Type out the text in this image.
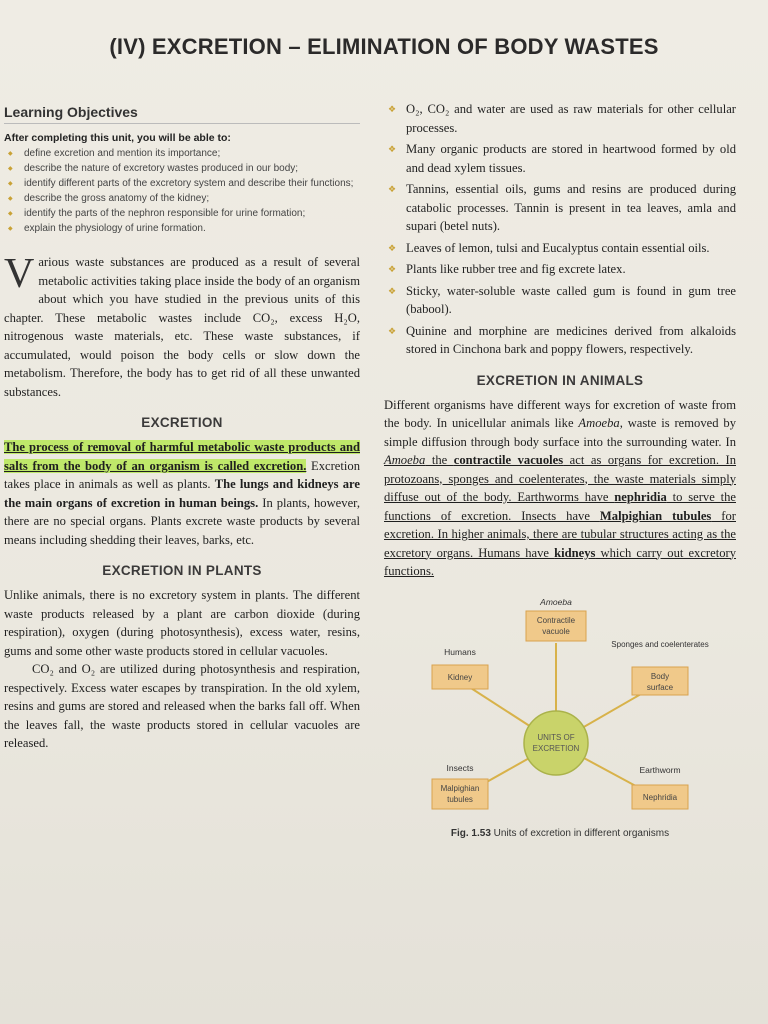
(IV) EXCRETION – ELIMINATION OF BODY WASTES
Learning Objectives
After completing this unit, you will be able to:
◆ define excretion and mention its importance;
◆ describe the nature of excretory wastes produced in our body;
◆ identify different parts of the excretory system and describe their functions;
◆ describe the gross anatomy of the kidney;
◆ identify the parts of the nephron responsible for urine formation;
◆ explain the physiology of urine formation.

Various waste substances are produced as a result of several metabolic activities taking place inside the body of an organism about which you have studied in the previous units of this chapter. These metabolic wastes include CO₂, excess H₂O, nitrogenous waste materials, etc. These waste substances, if accumulated, would poison the body cells or slow down the metabolism. Therefore, the body has to get rid of all these unwanted substances.

EXCRETION

The process of removal of harmful metabolic waste products and salts from the body of an organism is called excretion. Excretion takes place in animals as well as plants. The lungs and kidneys are the main organs of excretion in human beings. In plants, however, there are no special organs. Plants excrete waste products by several means including shedding their leaves, barks, etc.

EXCRETION IN PLANTS

Unlike animals, there is no excretory system in plants. The different waste products released by a plant are carbon dioxide (during respiration), oxygen (during photosynthesis), excess water, resins, gums and some other waste products stored in cellular vacuoles.

CO₂ and O₂ are utilized during photosynthesis and respiration, respectively. Excess water escapes by transpiration. In the old xylem, resins and gums are stored and released when the barks fall off. When the leaves fall, the waste products stored in cellular vacuoles are released.

❖ O₂, CO₂ and water are used as raw materials for other cellular processes.
❖ Many organic products are stored in heartwood formed by old and dead xylem tissues.
❖ Tannins, essential oils, gums and resins are produced during catabolic processes. Tannin is present in tea leaves, amla and supari (betel nuts).
❖ Leaves of lemon, tulsi and Eucalyptus contain essential oils.
❖ Plants like rubber tree and fig excrete latex.
❖ Sticky, water-soluble waste called gum is found in gum tree (babool).
❖ Quinine and morphine are medicines derived from alkaloids stored in Cinchona bark and poppy flowers, respectively.
EXCRETION IN ANIMALS

Different organisms have different ways for excretion of waste from the body. In unicellular animals like Amoeba, waste is removed by simple diffusion through body surface into the surrounding water. In Amoeba the contractile vacuoles act as organs for excretion. In protozoans, sponges and coelenterates, the waste materials simply diffuse out of the body. Earthworms have nephridia to serve the functions of excretion. Insects have Malpighian tubules for excretion. In higher animals, there are tubular structures acting as the excretory organs. Humans have kidneys which carry out excretory functions.

UNITS OF
EXCRETION
Amoeba
Contractile
vacuole
Sponges and coelenterates
Body
surface
Earthworm
Nephridia
Insects
Malpighian
tubules
Humans
Kidney
Fig. 1.53 Units of excretion in different organisms
